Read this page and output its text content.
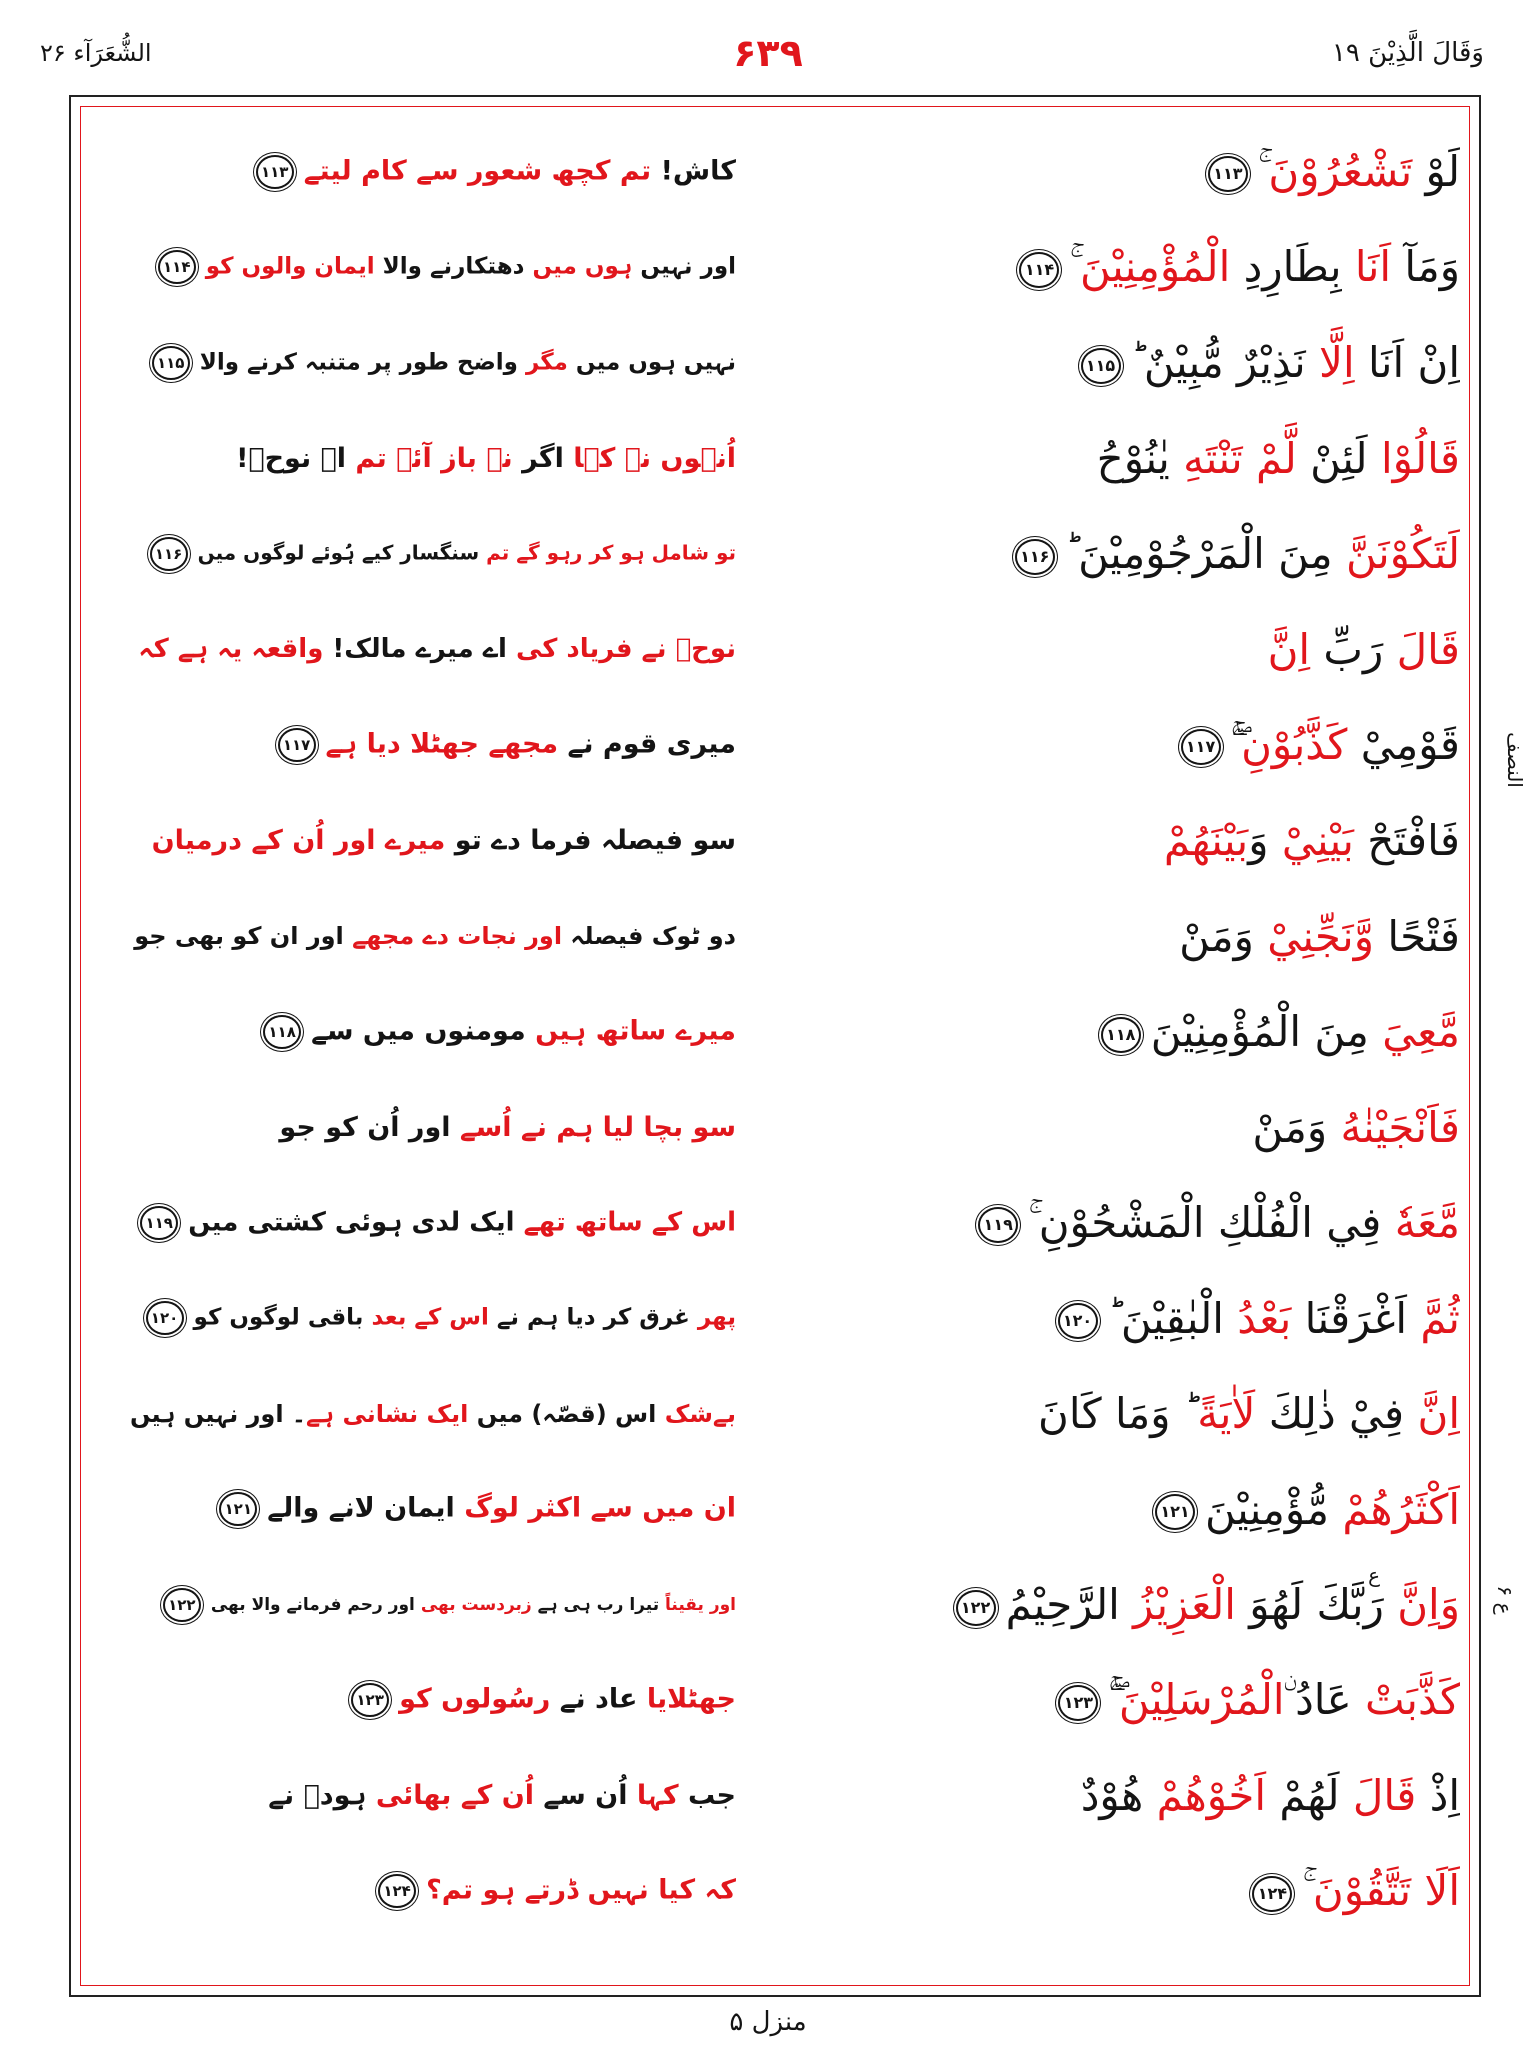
الشُّعَرَآء ۲۶	۶۳۹	وَقَالَ الَّذِيْنَ ۱۹
لَوْ تَشْعُرُوْنَ ۚ۱۱۳
کاش! تم کچھ شعور سے کام لیتے۱۱۳
وَمَآ اَنَا بِطَارِدِ الْمُؤْمِنِيْنَ ۚ۱۱۴
اور نہیں ہوں میں دھتکارنے والا ایمان والوں کو۱۱۴
اِنْ اَنَا اِلَّا نَذِيْرٌ مُّبِيْنٌ ؕ۱۱۵
نہیں ہوں میں مگر واضح طور پر متنبہ کرنے والا۱۱۵
قَالُوْا لَئِنْ لَّمْ تَنْتَهِ يٰنُوْحُ
اُنہوں نے کہا اگر نہ باز آئے تم اے نوحؑ!
لَتَكُوْنَنَّ مِنَ الْمَرْجُوْمِيْنَ ؕ۱۱۶
تو شامل ہو کر رہو گے تم سنگسار کیے ہُوئے لوگوں میں۱۱۶
قَالَ رَبِّ اِنَّ
نوحؑ نے فریاد کی اے میرے مالک! واقعہ یہ ہے کہ
قَوْمِيْ كَذَّبُوْنِ ۚۖ۱۱۷
میری قوم نے مجھے جھٹلا دیا ہے۱۱۷
فَافْتَحْ بَيْنِيْ وَبَيْنَهُمْ
سو فیصلہ فرما دے تو میرے اور اُن کے درمیان
فَتْحًا وَّنَجِّنِيْ وَمَنْ
دو ٹوک فیصلہ اور نجات دے مجھے اور ان کو بھی جو
مَّعِيَ مِنَ الْمُؤْمِنِيْنَ۱۱۸
میرے ساتھ ہیں مومنوں میں سے۱۱۸
فَاَنْجَيْنٰهُ وَمَنْ
سو بچا لیا ہم نے اُسے اور اُن کو جو
مَّعَهٗ فِي الْفُلْكِ الْمَشْحُوْنِ ۚ۱۱۹
اس کے ساتھ تھے ایک لدی ہوئی کشتی میں۱۱۹
ثُمَّ اَغْرَقْنَا بَعْدُ الْبٰقِيْنَ ؕ۱۲۰
پھر غرق کر دیا ہم نے اس کے بعد باقی لوگوں کو۱۲۰
اِنَّ فِيْ ذٰلِكَ لَاٰيَةً ؕ وَمَا كَانَ
بےشک اس (قصّہ) میں ایک نشانی ہے۔ اور نہیں ہیں
اَكْثَرُهُمْ مُّؤْمِنِيْنَ۱۲۱
ان میں سے اکثر لوگ ایمان لانے والے۱۲۱
وَاِنَّ رَبَّكَ لَهُوَ الْعَزِيْزُ الرَّحِيْمُ۱۲۲
ع
اور یقیناً تیرا رب ہی ہے زبردست بھی اور رحم فرمانے والا بھی۱۲۲
كَذَّبَتْ عَادُ ۨالْمُرْسَلِيْنَ ۚۖ۱۲۳
جھٹلایا عاد نے رسُولوں کو۱۲۳
اِذْ قَالَ لَهُمْ اَخُوْهُمْ هُوْدٌ
جب کہا اُن سے اُن کے بھائی ہودؑ نے
اَلَا تَتَّقُوْنَ ۚ۱۲۴
کہ کیا نہیں ڈرتے ہو تم؟۱۲۴
النصف
ع ۶
منزل ۵
